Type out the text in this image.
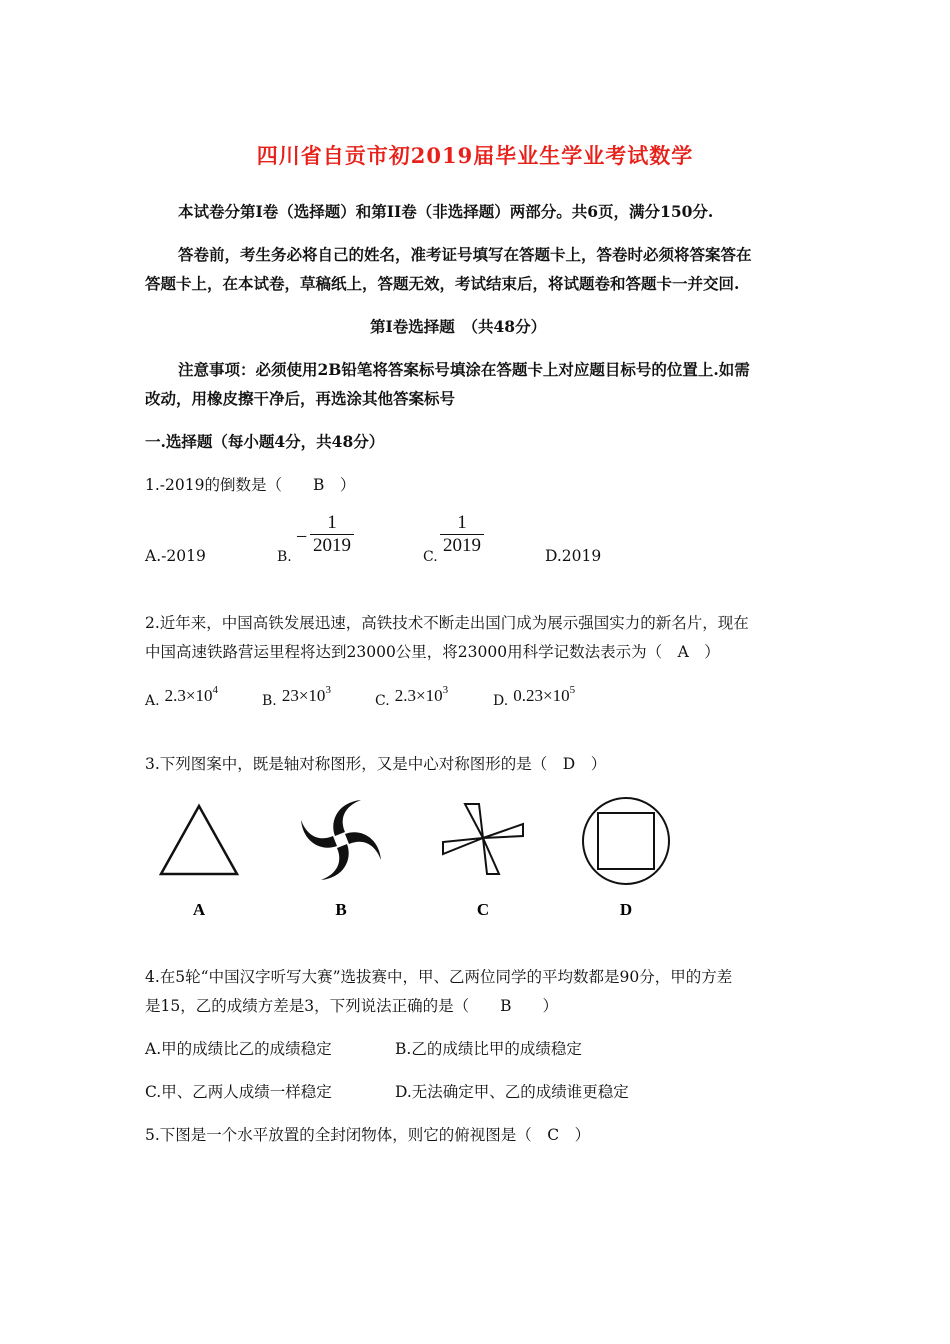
四川省自贡市初2019届毕业生学业考试数学
本试卷分第I卷（选择题）和第II卷（非选择题）两部分。共6页，满分150分.
答卷前，考生务必将自己的姓名，准考证号填写在答题卡上，答卷时必须将答案答在
答题卡上，在本试卷，草稿纸上，答题无效，考试结束后，将试题卷和答题卡一并交回.
第I卷选择题　（共48分）
注意事项：必须使用2B铅笔将答案标号填涂在答题卡上对应题目标号的位置上.如需
改动，用橡皮擦干净后，再选涂其他答案标号
一.选择题（每小题4分，共48分）
1.-2019的倒数是（　　B　）
A.-2019	B.
−
1
2019
C.
1
2019	D.2019
2.近年来，中国高铁发展迅速，高铁技术不断走出国门成为展示强国实力的新名片，现在
中国高速铁路营运里程将达到23000公里，将23000用科学记数法表示为（　A　）
A. $2.3\times 10^4$
B. $23\times 10^3$
C. $2.3\times 10^3$
D. $0.23\times 10^5$
3.下列图案中，既是轴对称图形，又是中心对称图形的是（　D　）
A	B	C	D
4.在5轮“中国汉字听写大赛”选拔赛中，甲、乙两位同学的平均数都是90分，甲的方差
是15，乙的成绩方差是3，下列说法正确的是（　　B　　）
A.甲的成绩比乙的成绩稳定	B.乙的成绩比甲的成绩稳定
C.甲、乙两人成绩一样稳定	D.无法确定甲、乙的成绩谁更稳定
5.下图是一个水平放置的全封闭物体，则它的俯视图是（　C　）
